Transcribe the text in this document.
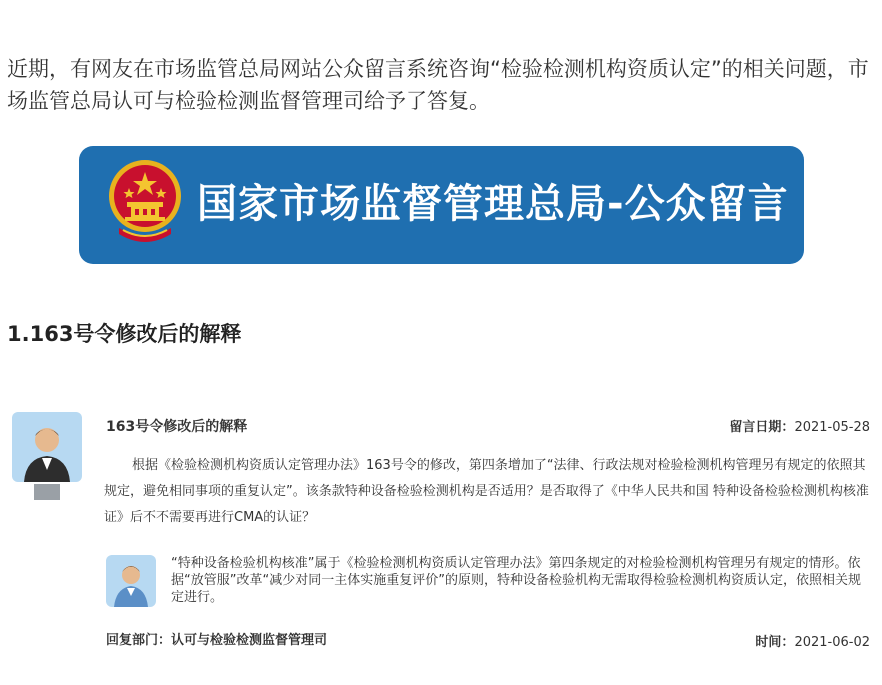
近期，有网友在市场监管总局网站公众留言系统咨询“检验检测机构资质认定”的相关问题，市场监管总局认可与检验检测监督管理司给予了答复。

国家市场监督管理总局-公众留言
1.163号令修改后的解释
163号令修改后的解释	留言日期：2021-05-28

根据《检验检测机构资质认定管理办法》163号令的修改，第四条增加了“法律、行政法规对检验检测机构管理另有规定的依照其规定，避免相同事项的重复认定”。该条款特种设备检验检测机构是否适用？是否取得了《中华人民共和国 特种设备检验检测机构核准证》后不不需要再进行CMA的认证？

“特种设备检验机构核准”属于《检验检测机构资质认定管理办法》第四条规定的对检验检测机构管理另有规定的情形。依据“放管服”改革“减少对同一主体实施重复评价”的原则，特种设备检验机构无需取得检验检测机构资质认定，依照相关规定进行。

回复部门：认可与检验检测监督管理司	时间：2021-06-02
